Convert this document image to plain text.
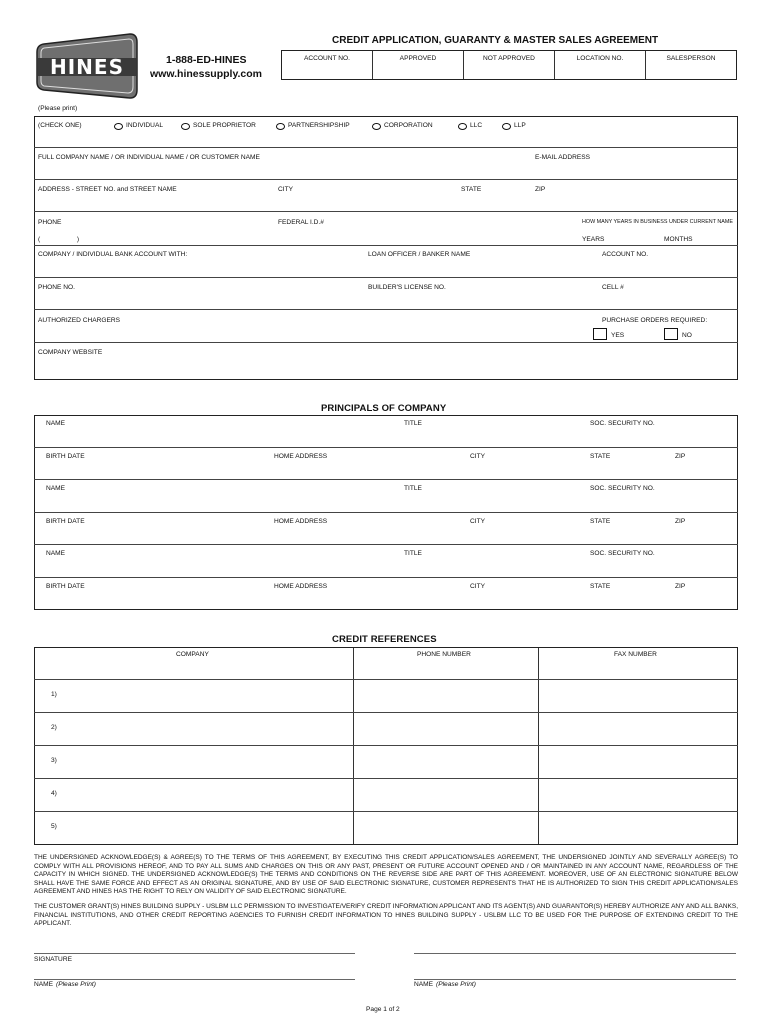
HINES	1-888-ED-HINES
www.hinessupply.com
CREDIT APPLICATION, GUARANTY & MASTER SALES AGREEMENT
ACCOUNT NO.	APPROVED	NOT APPROVED	LOCATION NO.	SALESPERSON
(Please print)
(CHECK ONE)	INDIVIDUAL	SOLE PROPRIETOR	PARTNERSHIPSHIP	CORPORATION	LLC	LLP
FULL COMPANY NAME / OR INDIVIDUAL NAME / OR CUSTOMER NAME	E-MAIL ADDRESS
ADDRESS - STREET NO. and STREET NAME	CITY	STATE	ZIP
PHONE	FEDERAL I.D.#	HOW MANY YEARS IN BUSINESS UNDER CURRENT NAME
(                    )	YEARS	MONTHS
COMPANY / INDIVIDUAL BANK ACCOUNT WITH:	LOAN OFFICER / BANKER NAME	ACCOUNT NO.
PHONE NO.	BUILDER'S LICENSE NO.	CELL #
AUTHORIZED CHARGERS	PURCHASE ORDERS REQUIRED:
YES	NO
COMPANY WEBSITE
PRINCIPALS OF COMPANY
NAME	TITLE	SOC. SECURITY NO.
BIRTH DATE	HOME ADDRESS	CITY	STATE	ZIP
NAME	TITLE	SOC. SECURITY NO.
BIRTH DATE	HOME ADDRESS	CITY	STATE	ZIP
NAME	TITLE	SOC. SECURITY NO.
BIRTH DATE	HOME ADDRESS	CITY	STATE	ZIP
CREDIT REFERENCES
COMPANY	PHONE NUMBER	FAX NUMBER
1)
2)
3)
4)
5)
THE UNDERSIGNED ACKNOWLEDGE(S) & AGREE(S) TO THE TERMS OF THIS AGREEMENT, BY EXECUTING THIS CREDIT APPLICATION/SALES AGREEMENT, THE UNDERSIGNED JOINTLY AND SEVERALLY AGREE(S) TO COMPLY WITH ALL PROVISIONS HEREOF, AND TO PAY ALL SUMS AND CHARGES ON THIS OR ANY PAST, PRESENT OR FUTURE ACCOUNT OPENED AND / OR MAINTAINED IN ANY ACCOUNT NAME, REGARDLESS OF THE CAPACITY IN WHICH SIGNED. THE UNDERSIGNED ACKNOWLEDGE(S) THE TERMS AND CONDITIONS ON THE REVERSE SIDE ARE PART OF THIS AGREEMENT. MOREOVER, USE OF AN ELECTRONIC SIGNATURE BELOW SHALL HAVE THE SAME FORCE AND EFFECT AS AN ORIGINAL SIGNATURE, AND BY USE OF SAID ELECTRONIC SIGNATURE, CUSTOMER REPRESENTS THAT HE IS AUTHORIZED TO SIGN THIS CREDIT APPLICATION/SALES AGREEMENT AND HINES HAS THE RIGHT TO RELY ON VALIDITY OF SAID ELECTRONIC SIGNATURE.
THE CUSTOMER GRANT(S) HINES BUILDING SUPPLY - USLBM LLC PERMISSION TO INVESTIGATE/VERIFY CREDIT INFORMATION APPLICANT AND ITS AGENT(S) AND GUARANTOR(S) HEREBY AUTHORIZE ANY AND ALL BANKS, FINANCIAL INSTITUTIONS, AND OTHER CREDIT REPORTING AGENCIES TO FURNISH CREDIT INFORMATION TO HINES BUILDING SUPPLY - USLBM LLC TO BE USED FOR THE PURPOSE OF EXTENDING CREDIT TO THE APPLICANT.
SIGNATURE
NAME (Please Print)	NAME (Please Print)
Page 1 of 2
